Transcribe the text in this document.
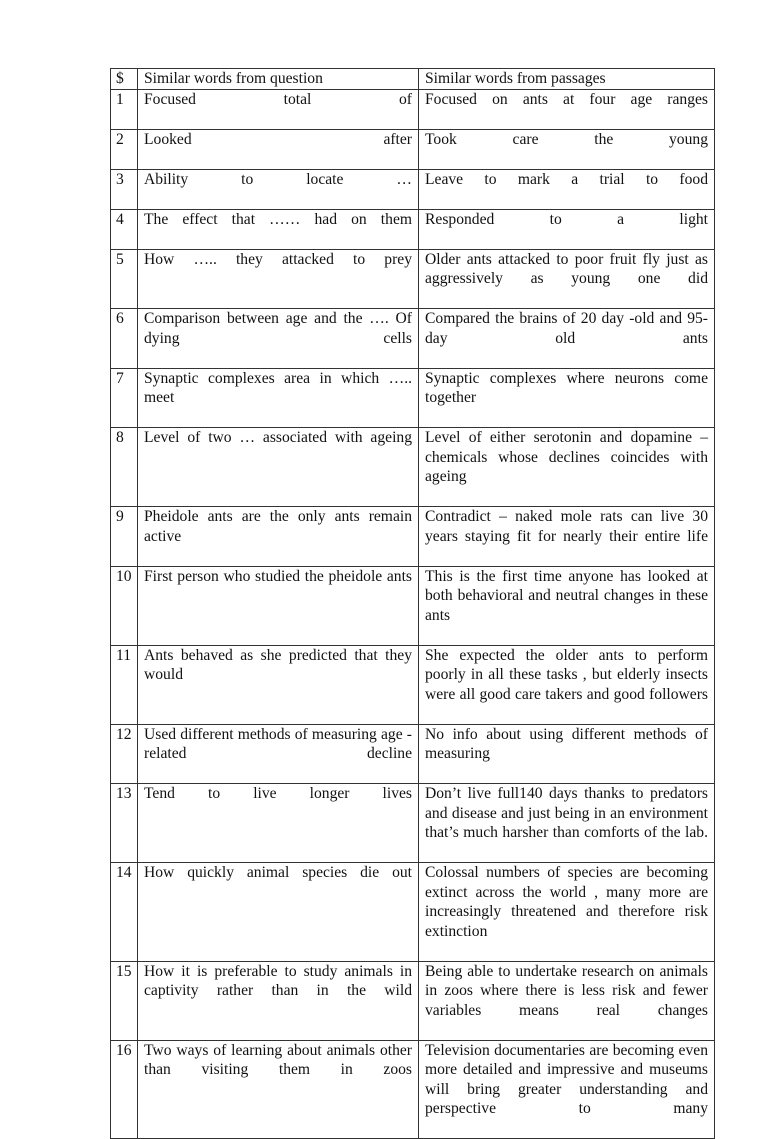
$	Similar words from question	Similar words from passages
1	Focused total of	Focused on ants at four age ranges
2	Looked after	Took care the young
3	Ability to locate …	Leave to mark a trial to food
4	The effect that …… had on them	Responded to a light
5	How ….. they attacked to prey	Older ants attacked to poor fruit fly just as aggressively as young one did
6	Comparison between age and the …. Of dying cells	Compared the brains of 20 day -old and 95-day old ants
7	Synaptic complexes area in which ….. meet	Synaptic complexes where neurons come together
8	Level of two … associated with ageing	Level of either serotonin and dopamine – chemicals whose declines coincides with ageing
9	Pheidole ants are the only ants remain active	Contradict – naked mole rats can live 30 years staying fit for nearly their entire life
10	First person who studied the pheidole ants	This is the first time anyone has looked at both behavioral and neutral changes in these ants
11	Ants behaved as she predicted that they would	She expected the older ants to perform poorly in all these tasks , but elderly insects were all good care takers and good followers
12	Used different methods of measuring age -related decline	No info about using different methods of measuring
13	Tend to live longer lives	Don’t live full140 days thanks to predators and disease and just being in an environment that’s much harsher than comforts of the lab.
14	How quickly animal species die out	Colossal numbers of species are becoming extinct across the world , many more are increasingly threatened and therefore risk extinction
15	How it is preferable to study animals in captivity rather than in the wild	Being able to undertake research on animals in zoos where there is less risk and fewer variables means real changes
16	Two ways of learning about animals other than visiting them in zoos	Television documentaries are becoming even more detailed and impressive and museums will bring greater understanding and perspective to many
